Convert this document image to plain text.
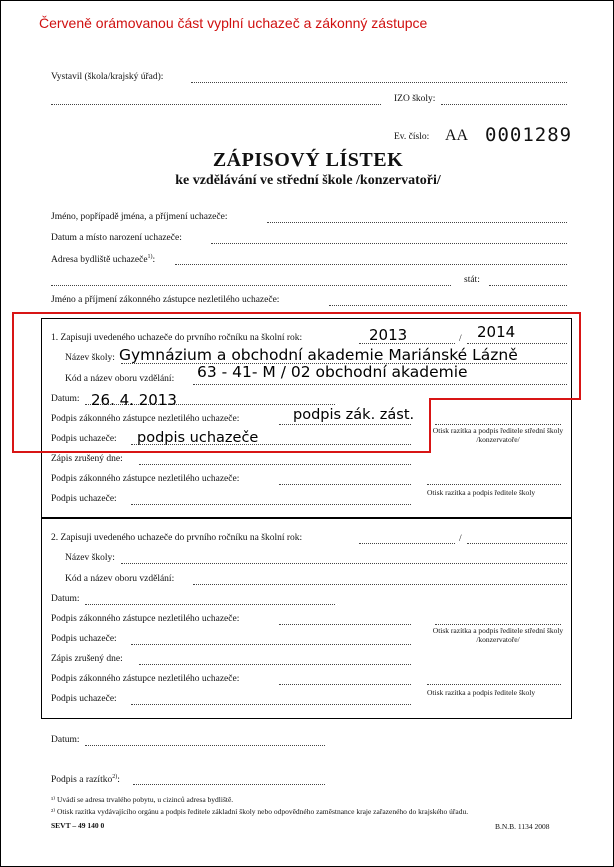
Červeně orámovanou část vyplní uchazeč a zákonný zástupce
Vystavil (škola/krajský úřad):
IZO školy:
Ev. číslo: AA 0001289
ZÁPISOVÝ LÍSTEK
ke vzdělávání ve střední škole /konzervatoři/
Jméno, popřípadě jména, a příjmení uchazeče:
Datum a místo narození uchazeče:
Adresa bydliště uchazeče$^{1)}$:
stát:
Jméno a příjmení zákonného zástupce nezletilého uchazeče:
1. Zapisuji uvedeného uchazeče do prvního ročníku na školní rok:	/
2013	2014
Název školy: Gymnázium a obchodní akademie Mariánské Lázně
Kód a název oboru vzdělání: 63 - 41- M / 02 obchodní akademie
Datum: 26. 4. 2013
Podpis zákonného zástupce nezletilého uchazeče:	podpis zák. zást.
Podpis uchazeče: podpis uchazeče	Otisk razítka a podpis ředitele střední školy /konzervatoře/
Zápis zrušený dne:
Podpis zákonného zástupce nezletilého uchazeče:
Podpis uchazeče:
Otisk razítka a podpis ředitele školy
2. Zapisuji uvedeného uchazeče do prvního ročníku na školní rok:	/
Název školy:
Kód a název oboru vzdělání:
Datum:
Podpis zákonného zástupce nezletilého uchazeče:
Podpis uchazeče:
Otisk razítka a podpis ředitele střední školy /konzervatoře/
Zápis zrušený dne:
Podpis zákonného zástupce nezletilého uchazeče:
Podpis uchazeče:
Otisk razítka a podpis ředitele školy
Datum:
Podpis a razítko$^{2)}$:
¹⁾ Uvádí se adresa trvalého pobytu, u cizinců adresa bydliště.
²⁾ Otisk razítka vydávajícího orgánu a podpis ředitele základní školy nebo odpovědného zaměstnance kraje zařazeného do krajského úřadu.
SEVT – 49 140 0	B.N.B. 1134 2008
